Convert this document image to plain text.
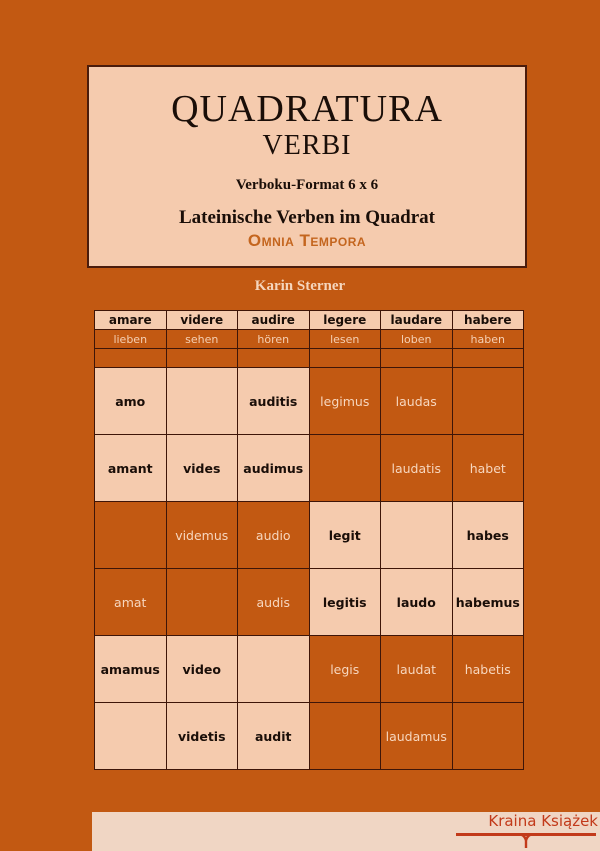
QUADRATURA
VERBI
Verboku-Format 6 x 6
Lateinische Verben im Quadrat
Omnia Tempora
Karin Sterner
amare	videre	audire	legere	laudare	habere
lieben	sehen	hören	lesen	loben	haben

amo		auditis	legimus	laudas	
amant	vides	audimus		laudatis	habet
	videmus	audio	legit		habes
amat		audis	legitis	laudo	habemus
amamus	video		legis	laudat	habetis
	videtis	audit		laudamus	
Kraina Książek
